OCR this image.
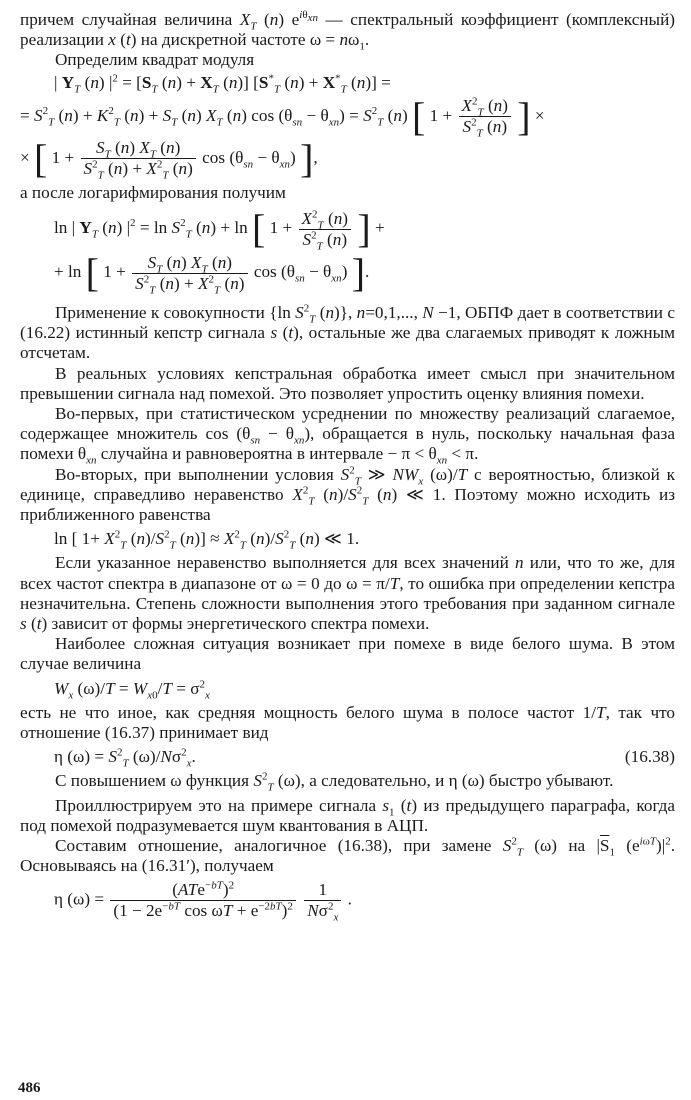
причем случайная величина $X_T$ (n) $e^{i\theta_{xn}}$ — спектральный коэффициент (комплексный) реализации x (t) на дискретной частоте $\omega = n\omega_1$.

Определим квадрат модуля

| $Y_T$ (n) $|^2 = [S_T$ $(n) + X_T$ (n)] [$S^*_T$ $(n) + X^*_T$ (n)] =
= $S^2_T$ $(n) + K^2_T$ $(n) + S_T$ (n) $X_T$ (n) $\cos (\theta_{sn} - \theta_{xn}) = S^2_T$ (n) [ $1 + \frac{X^2_T (n)}{S^2_T (n)}$ ] ×
× [ $1 + \frac{S_T (n) X_T (n)}{S^2_T (n) + X^2_T (n)}$ $\cos (\theta_{sn} - \theta_{xn})$ ],

а после логарифмирования получим

ln | $Y_T$ (n) $|^2 = \ln S^2_T$ (n) + ln [ $1 + \frac{X^2_T (n)}{S^2_T (n)}$ ] +
+ ln [ $1 + \frac{S_T (n) X_T (n)}{S^2_T (n) + X^2_T (n)}$ $\cos (\theta_{sn} - \theta_{xn})$ ].

Применение к совокупности {ln $S^2_T$ (n)}, n=0,1,..., N −1, ОБПФ дает в соответствии с (16.22) истинный кепстр сигнала s (t), остальные же два слагаемых приводят к ложным отсчетам.

В реальных условиях кепстральная обработка имеет смысл при значительном превышении сигнала над помехой. Это позволяет упростить оценку влияния помехи.

Во-первых, при статистическом усреднении по множеству реализаций слагаемое, содержащее множитель $\cos (\theta_{sn} - \theta_{xn})$, обращается в нуль, поскольку начальная фаза помехи $\theta_{xn}$ случайна и равновероятна в интервале − $\pi < \theta_{xn} < \pi$.

Во-вторых, при выполнении условия $S^2_T$ ≫ $NW_x$ (ω)/T с вероятностью, близкой к единице, справедливо неравенство $X^2_T$ $(n)/S^2_T$ (n) ≪ 1. Поэтому можно исходить из приближенного равенства

ln [ $1+ X^2_T$ $(n)/S^2_T$ $(n)] \approx X^2_T$ $(n)/S^2_T$ (n) ≪ 1.

Если указанное неравенство выполняется для всех значений n или, что то же, для всех частот спектра в диапазоне от ω = 0 до ω = π/T, то ошибка при определении кепстра незначительна. Степень сложности выполнения этого требования при заданном сигнале s (t) зависит от формы энергетического спектра помехи.

Наиболее сложная ситуация возникает при помехе в виде белого шума. В этом случае величина

$W_x$ $(\omega)/T = W_{x0}/T = \sigma^2_x$

есть не что иное, как средняя мощность белого шума в полосе частот 1/T, так что отношение (16.37) принимает вид

η $(\omega) = S^2_T$ $(\omega)/N\sigma^2_x$.	(16.38)

С повышением ω функция $S^2_T$ (ω), а следовательно, и η (ω) быстро убывают.

Проиллюстрируем это на примере сигнала $s_1$ (t) из предыдущего параграфа, когда под помехой подразумевается шум квантования в АЦП.

Составим отношение, аналогичное (16.38), при замене $S^2_T$ (ω) на $|\overline{S}_1$ $(e^{i\omega T})|^2$. Основываясь на (16.31′), получаем

η $(\omega) = \frac{(ATe^{-bT})^2}{(1 - 2e^{-bT} \cos \omega T + e^{-2bT})^2}$
$\frac{1}{N\sigma^2_x}$ .
486
